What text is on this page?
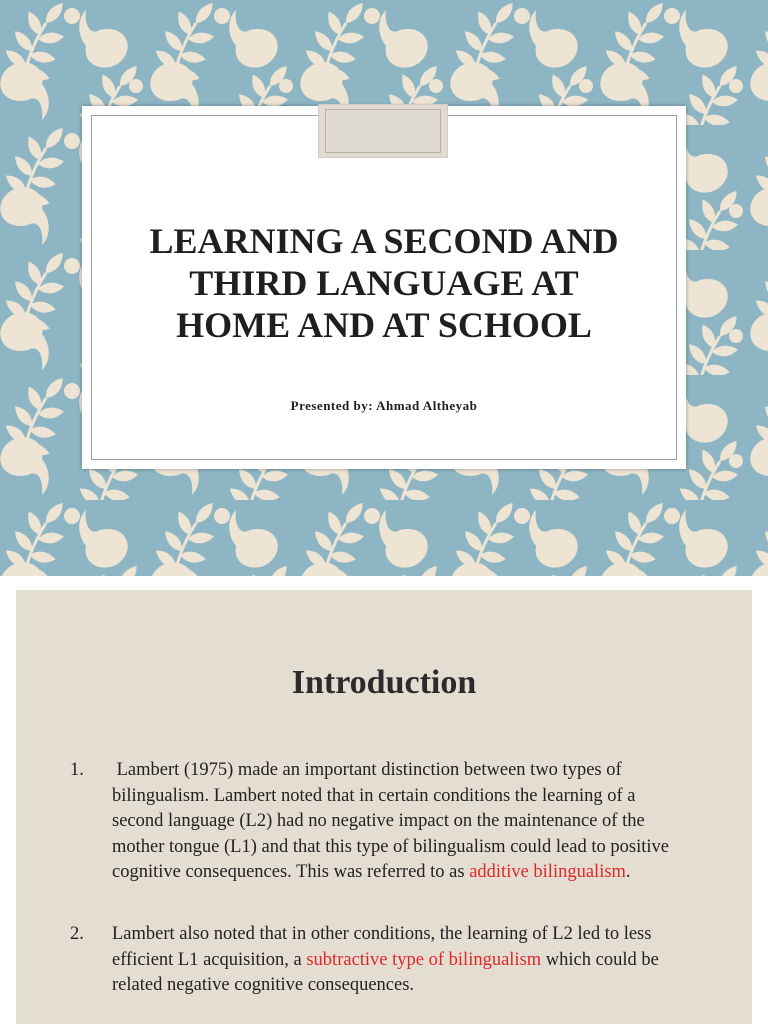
LEARNING A SECOND AND
THIRD LANGUAGE AT
HOME AND AT SCHOOL
Presented by: Ahmad Altheyab
Introduction
1. Lambert (1975) made an important distinction between two types of bilingualism. Lambert noted that in certain conditions the learning of a second language (L2) had no negative impact on the maintenance of the mother tongue (L1) and that this type of bilingualism could lead to positive cognitive consequences. This was referred to as additive bilingualism.
2. Lambert also noted that in other conditions, the learning of L2 led to less efficient L1 acquisition, a subtractive type of bilingualism which could be related negative cognitive consequences.
